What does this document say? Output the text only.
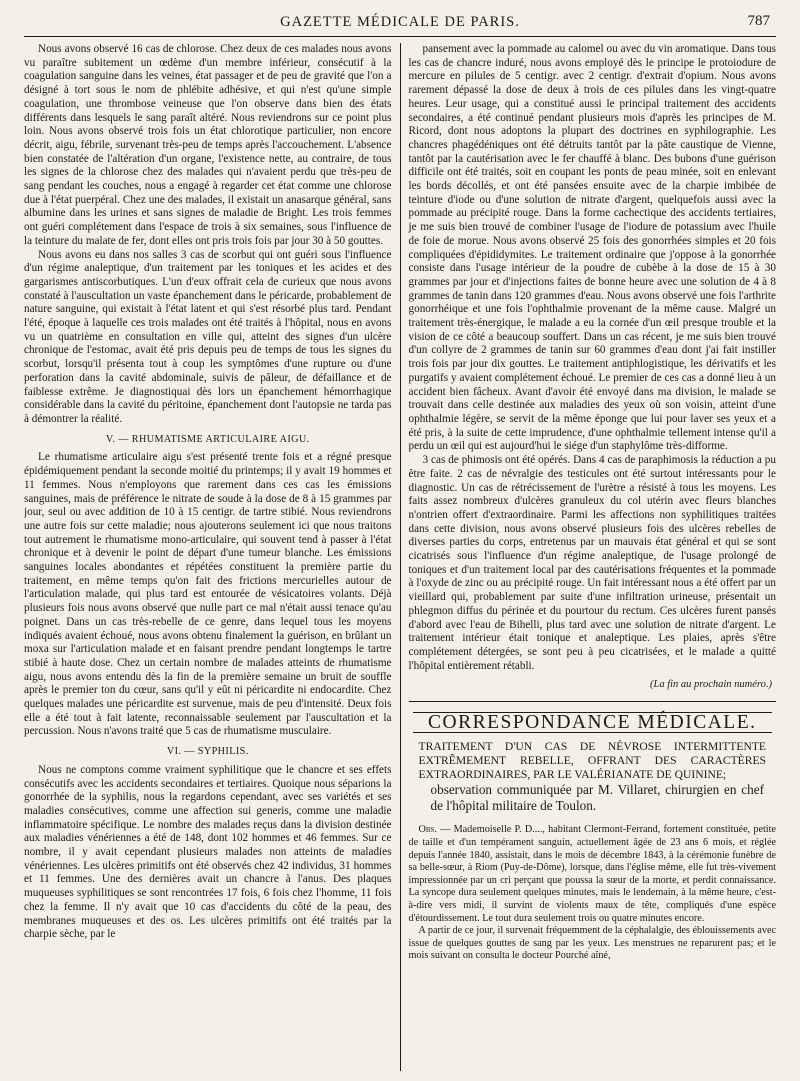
GAZETTE MÉDICALE DE PARIS.	787

Nous avons observé 16 cas de chlorose. Chez deux de ces malades nous avons vu paraître subitement un œdème d'un membre inférieur, consécutif à la coagulation sanguine dans les veines, état passager et de peu de gravité que l'on a désigné à tort sous le nom de phlébite adhésive, et qui n'est qu'une simple coagulation, une thrombose veineuse que l'on observe dans bien des états différents dans lesquels le sang paraît altéré. Nous reviendrons sur ce point plus loin. Nous avons observé trois fois un état chlorotique particulier, non encore décrit, aigu, fébrile, survenant très-peu de temps après l'accouchement. L'absence bien constatée de l'altération d'un organe, l'existence nette, au contraire, de tous les signes de la chlorose chez des malades qui n'avaient perdu que très-peu de sang pendant les couches, nous a engagé à regarder cet état comme une chlorose due à l'état puerpéral. Chez une des malades, il existait un anasarque général, sans albumine dans les urines et sans signes de maladie de Bright. Les trois femmes ont guéri complétement dans l'espace de trois à six semaines, sous l'influence de la teinture du malate de fer, dont elles ont pris trois fois par jour 30 à 50 gouttes.

Nous avons eu dans nos salles 3 cas de scorbut qui ont guéri sous l'influence d'un régime analeptique, d'un traitement par les toniques et les acides et des gargarismes antiscorbutiques. L'un d'eux offrait cela de curieux que nous avons constaté à l'auscultation un vaste épanchement dans le péricarde, probablement de nature sanguine, qui existait à l'état latent et qui s'est résorbé plus tard. Pendant l'été, époque à laquelle ces trois malades ont été traités à l'hôpital, nous en avons vu un quatrième en consultation en ville qui, atteint des signes d'un ulcère chronique de l'estomac, avait été pris depuis peu de temps de tous les signes du scorbut, lorsqu'il présenta tout à coup les symptômes d'une rupture ou d'une perforation dans la cavité abdominale, suivis de pâleur, de défaillance et de faiblesse extrême. Je diagnostiquai dès lors un épanchement hémorrhagique considérable dans la cavité du péritoine, épanchement dont l'autopsie ne tarda pas à démontrer la réalité.

V. — RHUMATISME ARTICULAIRE AIGU.

Le rhumatisme articulaire aigu s'est présenté trente fois et a régné presque épidémiquement pendant la seconde moitié du printemps; il y avait 19 hommes et 11 femmes. Nous n'employons que rarement dans ces cas les émissions sanguines, mais de préférence le nitrate de soude à la dose de 8 à 15 grammes par jour, seul ou avec addition de 10 à 15 centigr. de tartre stibié. Nous reviendrons une autre fois sur cette maladie; nous ajouterons seulement ici que nous traitons tout autrement le rhumatisme mono-articulaire, qui souvent tend à passer à l'état chronique et à devenir le point de départ d'une tumeur blanche. Les émissions sanguines locales abondantes et répétées constituent la première partie du traitement, en même temps qu'on fait des frictions mercurielles autour de l'articulation malade, qui plus tard est entourée de vésicatoires volants. Déjà plusieurs fois nous avons observé que nulle part ce mal n'était aussi tenace qu'au poignet. Dans un cas très-rebelle de ce genre, dans lequel tous les moyens indiqués avaient échoué, nous avons obtenu finalement la guérison, en brûlant un moxa sur l'articulation malade et en faisant prendre pendant longtemps le tartre stibié à haute dose. Chez un certain nombre de malades atteints de rhumatisme aigu, nous avons entendu dès la fin de la première semaine un bruit de souffle après le premier ton du cœur, sans qu'il y eût ni péricardite ni endocardite. Chez quelques malades une péricardite est survenue, mais de peu d'intensité. Deux fois elle a été tout à fait latente, reconnaissable seulement par l'auscultation et la percussion. Nous n'avons traité que 5 cas de rhumatisme musculaire.

VI. — SYPHILIS.

Nous ne comptons comme vraiment syphilitique que le chancre et ses effets consécutifs avec les accidents secondaires et tertiaires. Quoique nous séparions la gonorrhée de la syphilis, nous la regardons cependant, avec ses variétés et ses maladies consécutives, comme une affection sui generis, comme une maladie inflammatoire spécifique. Le nombre des malades reçus dans la division destinée aux maladies vénériennes a été de 148, dont 102 hommes et 46 femmes. Sur ce nombre, il y avait cependant plusieurs malades non atteints de maladies vénériennes. Les ulcères primitifs ont été observés chez 42 individus, 31 hommes et 11 femmes. Une des dernières avait un chancre à l'anus. Des plaques muqueuses syphilitiques se sont rencontrées 17 fois, 6 fois chez l'homme, 11 fois chez la femme. Il n'y avait que 10 cas d'accidents du côté de la peau, des membranes muqueuses et des os. Les ulcères primitifs ont été traités par la charpie sèche, par le

pansement avec la pommade au calomel ou avec du vin aromatique. Dans tous les cas de chancre induré, nous avons employé dès le principe le protoiodure de mercure en pilules de 5 centigr. avec 2 centigr. d'extrait d'opium. Nous avons rarement dépassé la dose de deux à trois de ces pilules dans les vingt-quatre heures. Leur usage, qui a constitué aussi le principal traitement des accidents secondaires, a été continué pendant plusieurs mois d'après les principes de M. Ricord, dont nous adoptons la plupart des doctrines en syphilographie. Les chancres phagédéniques ont été détruits tantôt par la pâte caustique de Vienne, tantôt par la cautérisation avec le fer chauffé à blanc. Des bubons d'une guérison difficile ont été traités, soit en coupant les ponts de peau minée, soit en enlevant les bords décollés, et ont été pansées ensuite avec de la charpie imbibée de teinture d'iode ou d'une solution de nitrate d'argent, quelquefois aussi avec la pommade au précipité rouge. Dans la forme cachectique des accidents tertiaires, je me suis bien trouvé de combiner l'usage de l'iodure de potassium avec l'huile de foie de morue. Nous avons observé 25 fois des gonorrhées simples et 20 fois compliquées d'épididymites. Le traitement ordinaire que j'oppose à la gonorrhée consiste dans l'usage intérieur de la poudre de cubèbe à la dose de 15 à 30 grammes par jour et d'injections faites de bonne heure avec une solution de 4 à 8 grammes de tanin dans 120 grammes d'eau. Nous avons observé une fois l'arthrite gonorrhéique et une fois l'ophthalmie provenant de la même cause. Malgré un traitement très-énergique, le malade a eu la cornée d'un œil presque trouble et la vision de ce côté a beaucoup souffert. Dans un cas récent, je me suis bien trouvé d'un collyre de 2 grammes de tanin sur 60 grammes d'eau dont j'ai fait instiller trois fois par jour dix gouttes. Le traitement antiphlogistique, les dérivatifs et les purgatifs y avaient complétement échoué. Le premier de ces cas a donné lieu à un accident bien fâcheux. Avant d'avoir été envoyé dans ma division, le malade se trouvait dans celle destinée aux maladies des yeux où son voisin, atteint d'une ophthalmie légère, se servit de la même éponge que lui pour laver ses yeux et a été pris, à la suite de cette imprudence, d'une ophthalmie tellement intense qu'il a perdu un œil qui est aujourd'hui le siége d'un staphylôme très-difforme.

3 cas de phimosis ont été opérés. Dans 4 cas de paraphimosis la réduction a pu être faite. 2 cas de névralgie des testicules ont été surtout intéressants pour le diagnostic. Un cas de rétrécissement de l'urètre a résisté à tous les moyens. Les faits assez nombreux d'ulcères granuleux du col utérin avec fleurs blanches n'ontrien offert d'extraordinaire. Parmi les affections non syphilitiques traitées dans cette division, nous avons observé plusieurs fois des ulcères rebelles de diverses parties du corps, entretenus par un mauvais état général et qui se sont cicatrisés sous l'influence d'un régime analeptique, de l'usage prolongé de toniques et d'un traitement local par des cautérisations fréquentes et la pommade à l'oxyde de zinc ou au précipité rouge. Un fait intéressant nous a été offert par un vieillard qui, probablement par suite d'une infiltration urineuse, présentait un phlegmon diffus du périnée et du pourtour du rectum. Ces ulcères furent pansés d'abord avec l'eau de Bihelli, plus tard avec une solution de nitrate d'argent. Le traitement intérieur était tonique et analeptique. Les plaies, après s'être complétement détergées, se sont peu à peu cicatrisées, et le malade a quitté l'hôpital entièrement rétabli.

(La fin au prochain numéro.)
CORRESPONDANCE MÉDICALE.
TRAITEMENT D'UN CAS DE NÉVROSE INTERMITTENTE EXTRÊMEMENT REBELLE, OFFRANT DES CARACTÈRES EXTRAORDINAIRES, PAR LE VALÉRIANATE DE QUININE;
observation communiquée par M. Villaret, chirurgien en chef de l'hôpital militaire de Toulon.

Obs. — Mademoiselle P. D...., habitant Clermont-Ferrand, fortement constituée, petite de taille et d'un tempérament sanguin, actuellement âgée de 23 ans 6 mois, et réglée depuis l'année 1840, assistait, dans le mois de décembre 1843, à la cérémonie funèbre de sa belle-sœur, à Riom (Puy-de-Dôme), lorsque, dans l'église même, elle fut très-vivement impressionnée par un cri perçant que poussa la sœur de la morte, et perdit connaissance. La syncope dura seulement quelques minutes, mais le lendemain, à la même heure, c'est-à-dire vers midi, il survint de violents maux de tête, compliqués d'une espèce d'étourdissement. Le tout dura seulement trois ou quatre minutes encore.

A partir de ce jour, il survenait fréquemment de la céphalalgie, des éblouissements avec issue de quelques gouttes de sang par les yeux. Les menstrues ne reparurent pas; et le mois suivant on consulta le docteur Pourché aîné,
